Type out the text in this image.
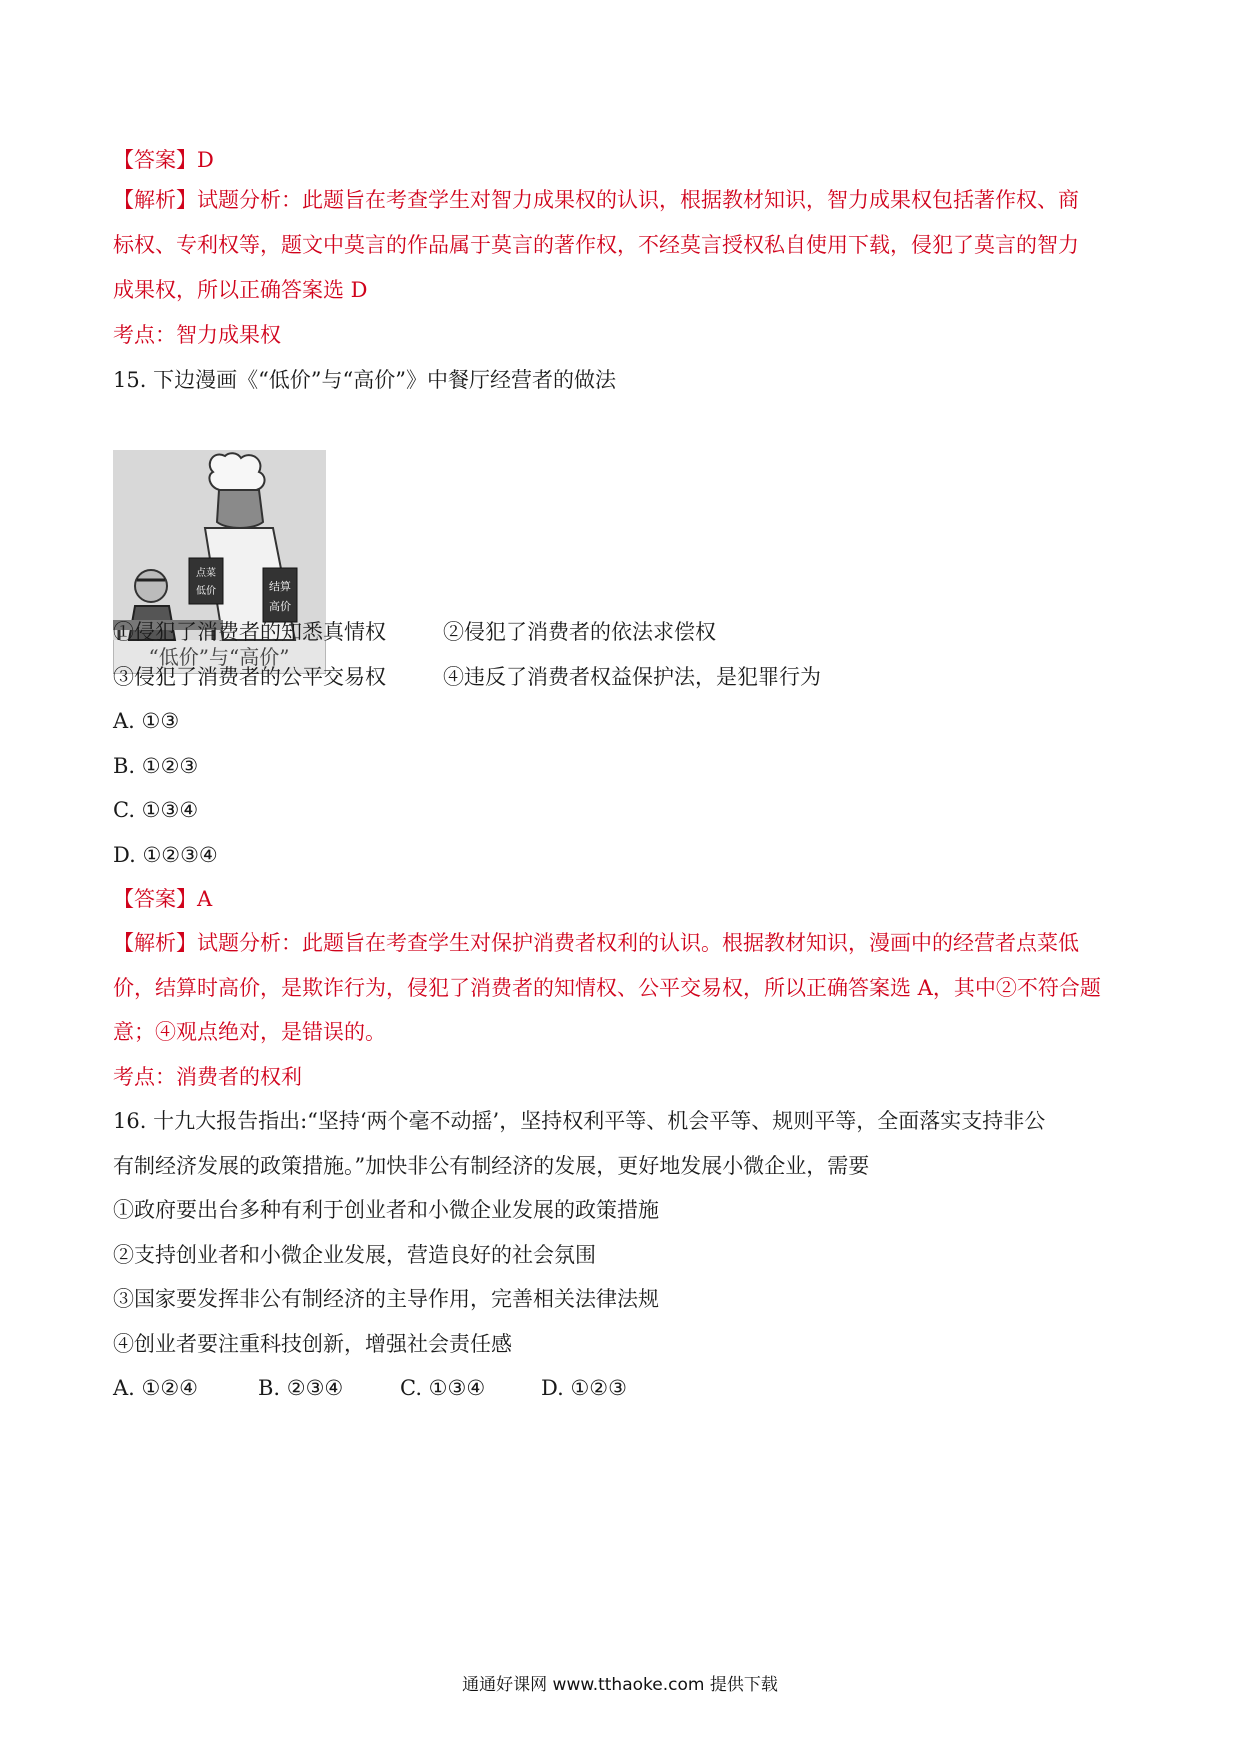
【答案】D
【解析】试题分析：此题旨在考查学生对智力成果权的认识，根据教材知识，智力成果权包括著作权、商
标权、专利权等，题文中莫言的作品属于莫言的著作权，不经莫言授权私自使用下载，侵犯了莫言的智力
成果权，所以正确答案选 D
考点：智力成果权
15. 下边漫画《“低价”与“高价”》中餐厅经营者的做法
结算
高价
点菜
低价
“低价”与“高价”
①侵犯了消费者的知悉真情权	②侵犯了消费者的依法求偿权
③侵犯了消费者的公平交易权	④违反了消费者权益保护法，是犯罪行为
A. ①③
B. ①②③
C. ①③④
D. ①②③④
【答案】A
【解析】试题分析：此题旨在考查学生对保护消费者权利的认识。根据教材知识，漫画中的经营者点菜低
价，结算时高价，是欺诈行为，侵犯了消费者的知情权、公平交易权，所以正确答案选 A，其中②不符合题
意；④观点绝对，是错误的。
考点：消费者的权利
16. 十九大报告指出:“坚持‘两个毫不动摇’，坚持权利平等、机会平等、规则平等，全面落实支持非公
有制经济发展的政策措施。”加快非公有制经济的发展，更好地发展小微企业，需要
①政府要出台多种有利于创业者和小微企业发展的政策措施
②支持创业者和小微企业发展，营造良好的社会氛围
③国家要发挥非公有制经济的主导作用，完善相关法律法规
④创业者要注重科技创新，增强社会责任感
A. ①②④	B. ②③④	C. ①③④	D. ①②③
通通好课网 www.tthaoke.com 提供下载
